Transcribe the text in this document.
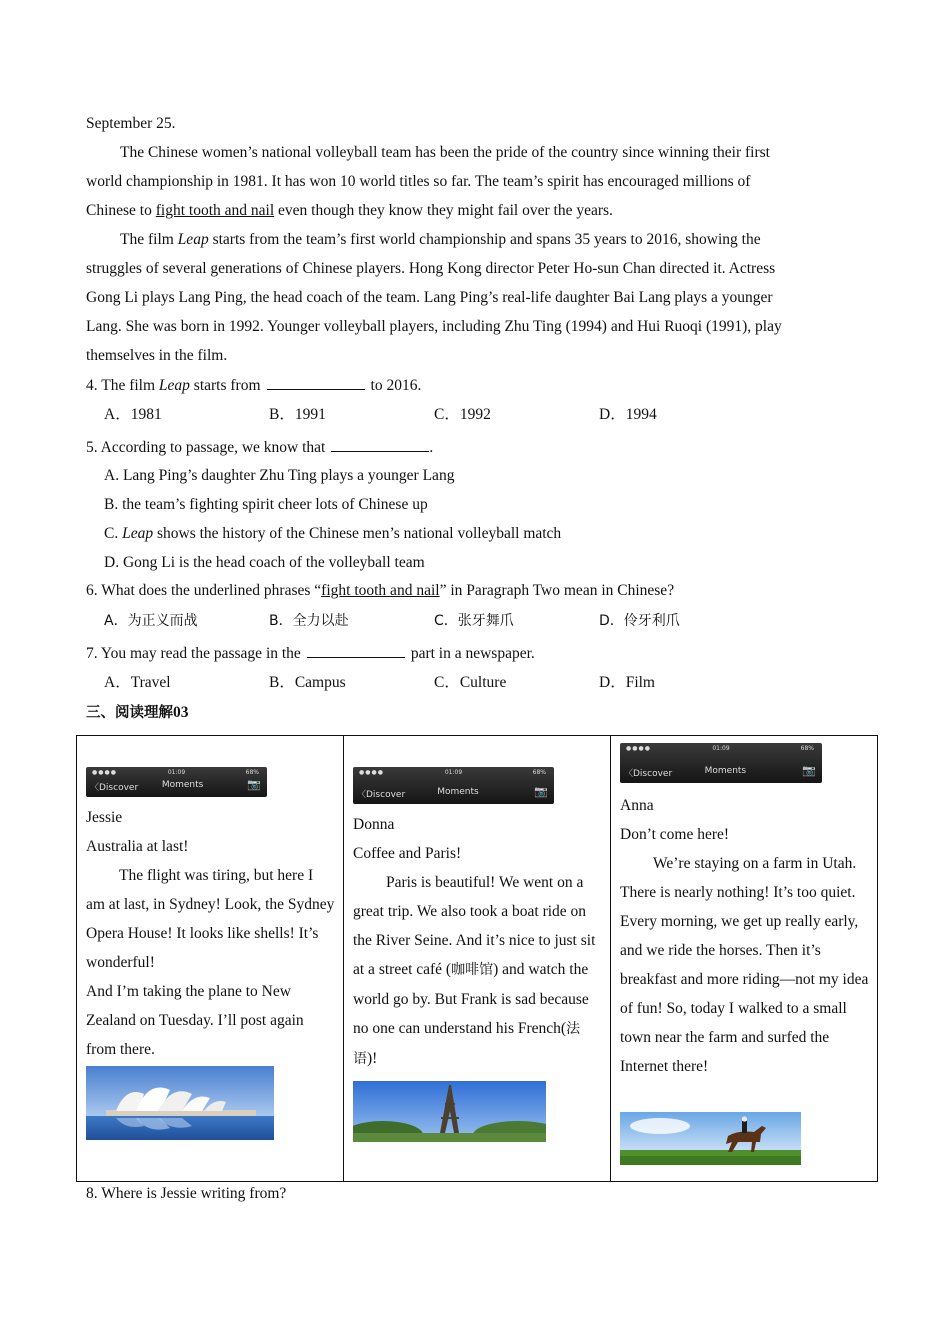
September 25.
The Chinese women’s national volleyball team has been the pride of the country since winning their first
world championship in 1981. It has won 10 world titles so far. The team’s spirit has encouraged millions of
Chinese to fight tooth and nail even though they know they might fail over the years.
The film Leap starts from the team’s first world championship and spans 35 years to 2016, showing the
struggles of several generations of Chinese players. Hong Kong director Peter Ho-sun Chan directed it. Actress
Gong Li plays Lang Ping, the head coach of the team. Lang Ping’s real-life daughter Bai Lang plays a younger
Lang. She was born in 1992. Younger volleyball players, including Zhu Ting (1994) and Hui Ruoqi (1991), play
themselves in the film.
4. The film Leap starts from	to 2016.
A．1981	B．1991	C．1992	D．1994
5. According to passage, we know that	.
A. Lang Ping’s daughter Zhu Ting plays a younger Lang
B. the team’s fighting spirit cheer lots of Chinese up
C. Leap shows the history of the Chinese men’s national volleyball match
D. Gong Li is the head coach of the volleyball team
6. What does the underlined phrases “fight tooth and nail” in Paragraph Two mean in Chinese?
A．为正义而战	B．全力以赴	C．张牙舞爪	D．伶牙利爪
7. You may read the passage in the	part in a newspaper.
A．Travel	B．Campus	C．Culture	D．Film
三、阅读理解03
●●●●	01:09	68%
〈Discover	Moments	📷
Jessie
Australia at last!
The flight was tiring, but here I am at last, in Sydney! Look, the Sydney Opera House! It looks like shells! It’s wonderful!
And I’m taking the plane to New Zealand on Tuesday. I’ll post again from there.

●●●●	01:09	68%
〈Discover	Moments	📷
Donna
Coffee and Paris!
Paris is beautiful! We went on a great trip. We also took a boat ride on the River Seine. And it’s nice to just sit at a street café (咖啡馆) and watch the world go by. But Frank is sad because no one can understand his French(法语)!

●●●●	01:09	68%
〈Discover	Moments	📷
Anna
Don’t come here!
We’re staying on a farm in Utah. There is nearly nothing! It’s too quiet. Every morning, we get up really early, and we ride the horses. Then it’s breakfast and more riding—not my idea of fun! So, today I walked to a small town near the farm and surfed the Internet there!
8. Where is Jessie writing from?
